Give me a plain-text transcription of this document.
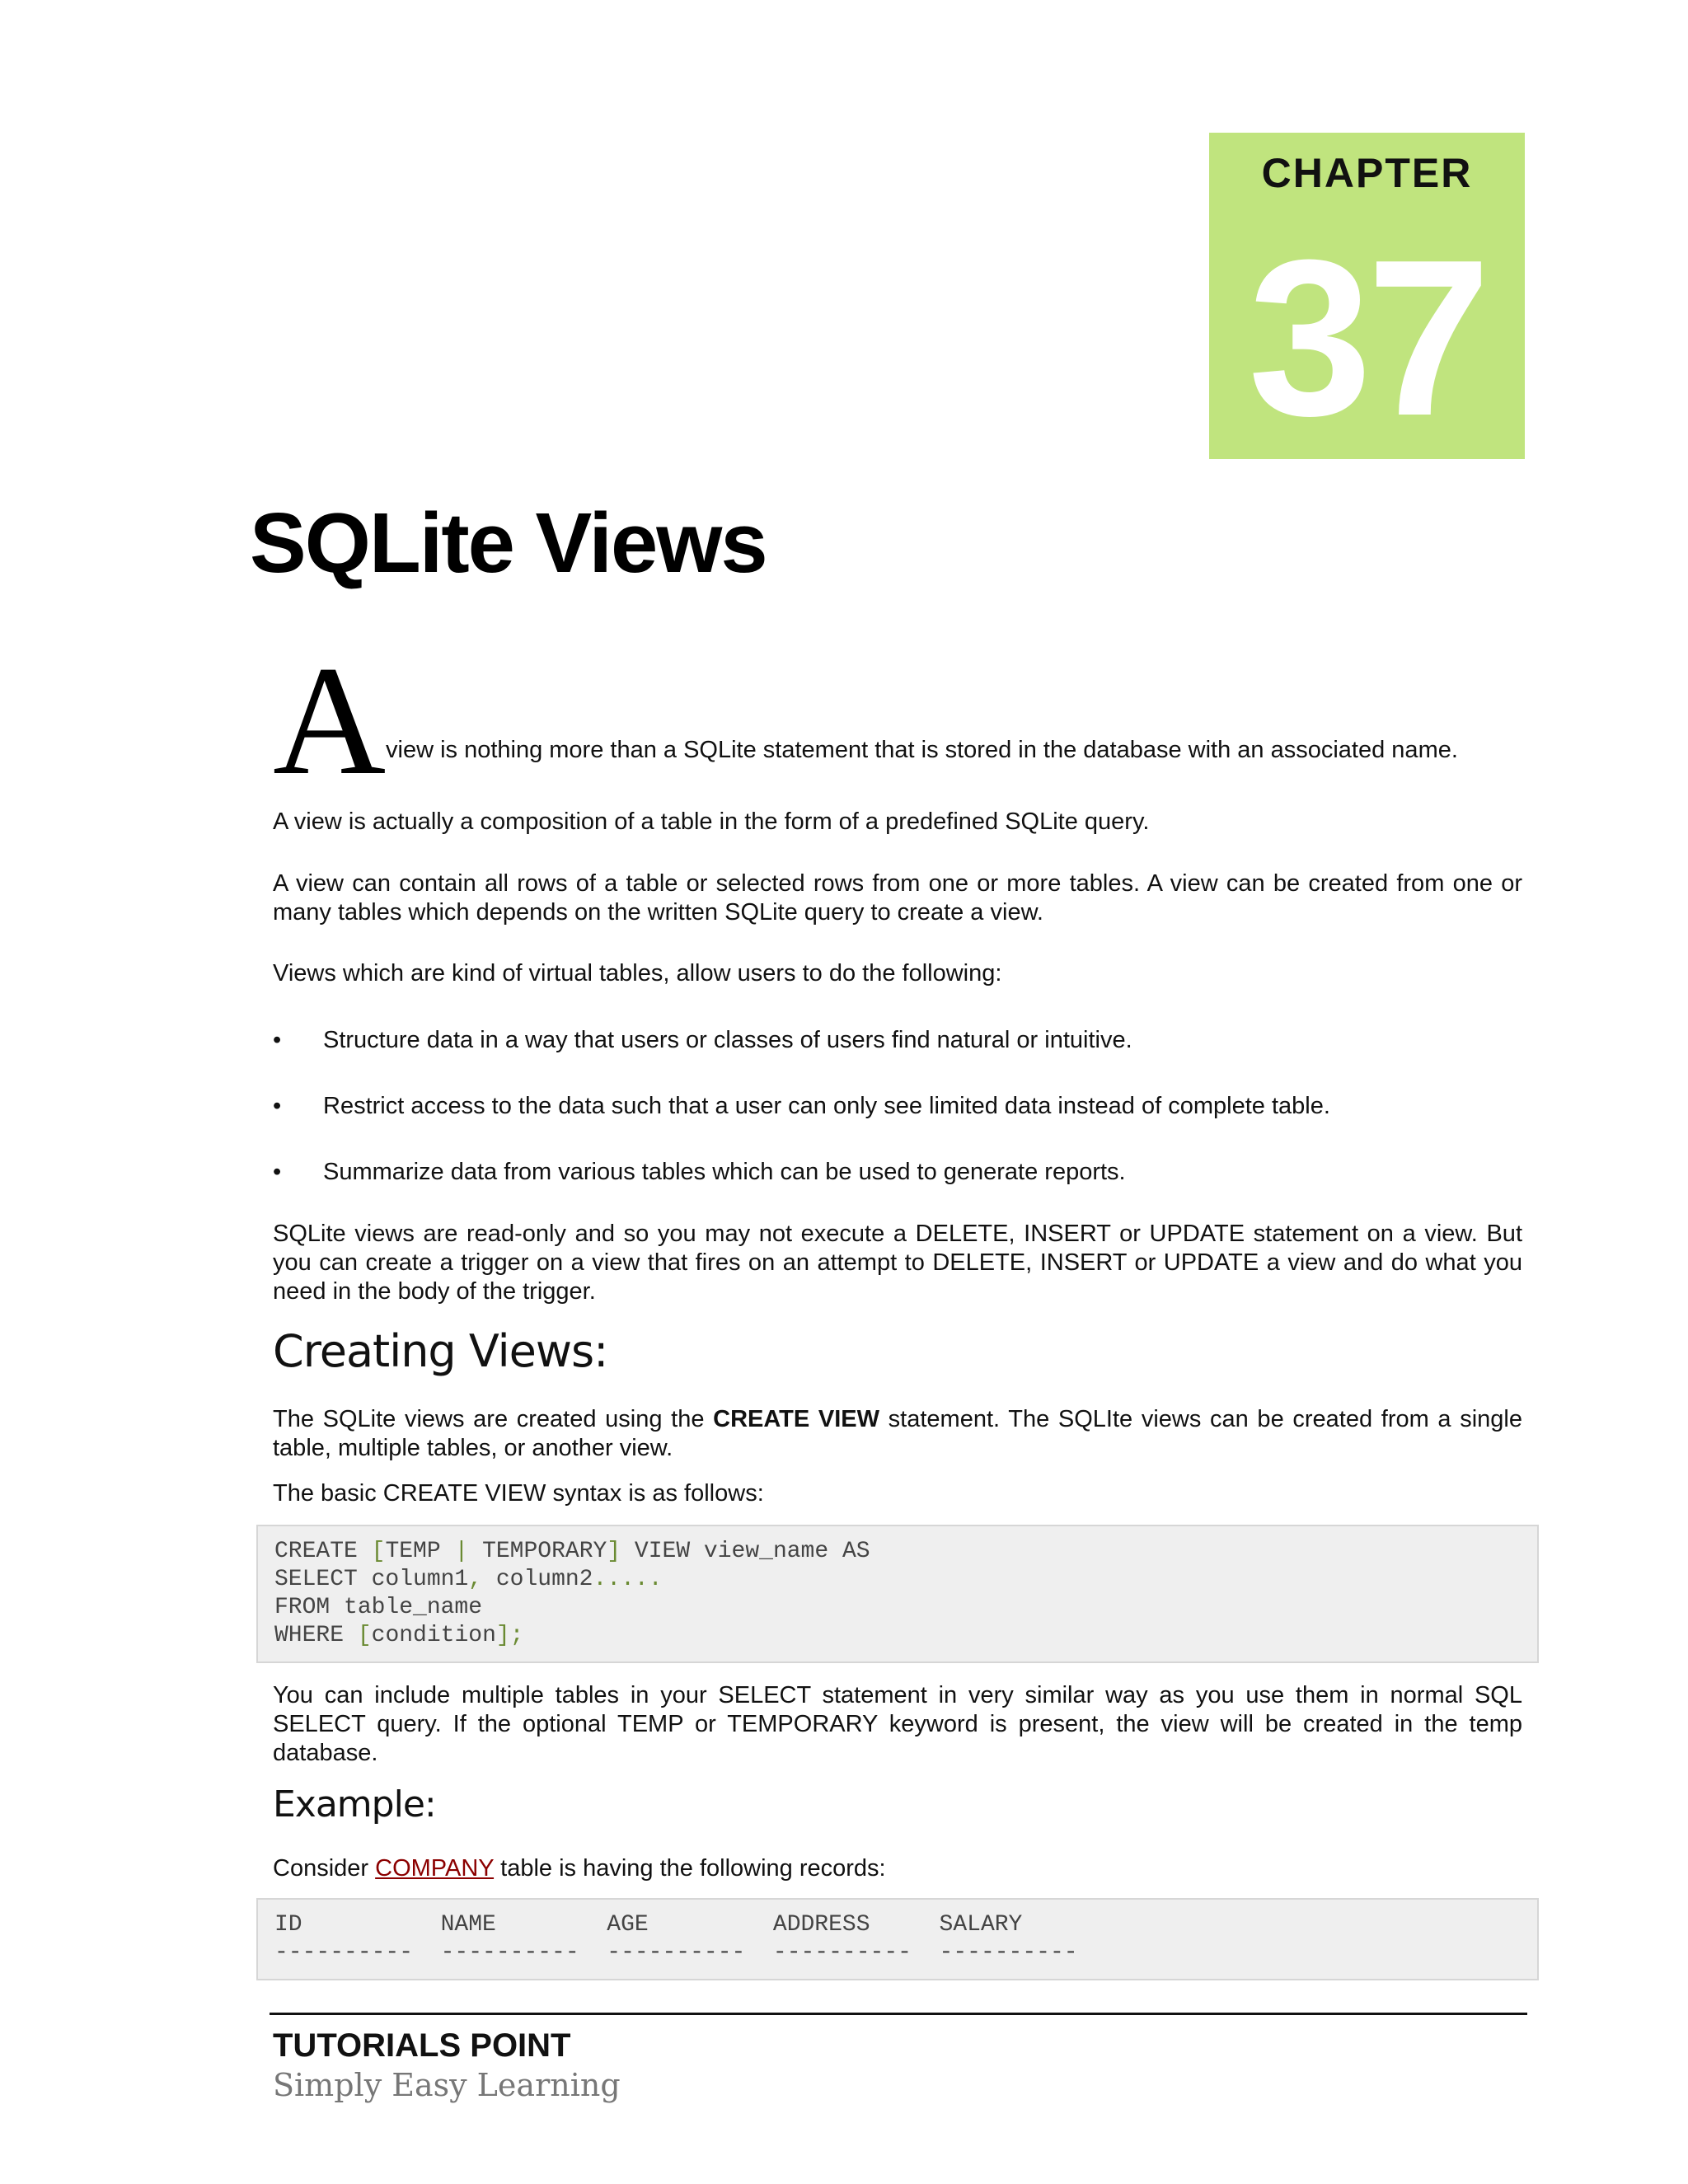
CHAPTER
37
SQLite Views
A view is nothing more than a SQLite statement that is stored in the database with an associated name.

A view is actually a composition of a table in the form of a predefined SQLite query.

A view can contain all rows of a table or selected rows from one or more tables. A view can be created from one or many tables which depends on the written SQLite query to create a view.

Views which are kind of virtual tables, allow users to do the following:

•	Structure data in a way that users or classes of users find natural or intuitive.
•	Restrict access to the data such that a user can only see limited data instead of complete table.
•	Summarize data from various tables which can be used to generate reports.

SQLite views are read-only and so you may not execute a DELETE, INSERT or UPDATE statement on a view. But you can create a trigger on a view that fires on an attempt to DELETE, INSERT or UPDATE a view and do what you need in the body of the trigger.

Creating Views:

The SQLite views are created using the CREATE VIEW statement. The SQLIte views can be created from a single table, multiple tables, or another view.

The basic CREATE VIEW syntax is as follows:

CREATE [TEMP | TEMPORARY] VIEW view_name AS
SELECT column1, column2.....
FROM table_name
WHERE [condition];

You can include multiple tables in your SELECT statement in very similar way as you use them in normal SQL SELECT query. If the optional TEMP or TEMPORARY keyword is present, the view will be created in the temp database.

Example:

Consider COMPANY table is having the following records:

ID          NAME        AGE         ADDRESS     SALARY
----------  ----------  ----------  ----------  ----------
TUTORIALS POINT
Simply Easy Learning
